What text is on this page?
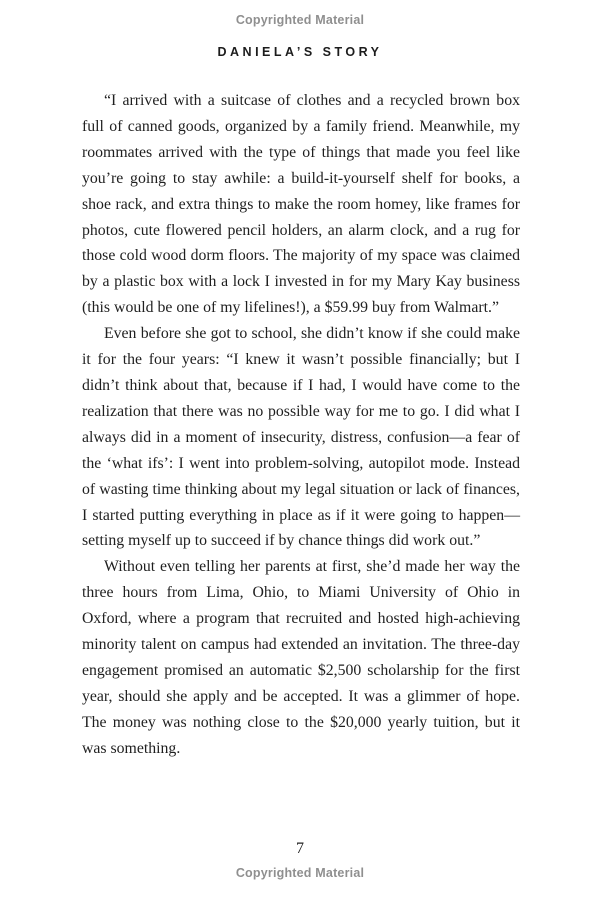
Copyrighted Material
DANIELA’S STORY

“I arrived with a suitcase of clothes and a recycled brown box full of canned goods, organized by a family friend. Meanwhile, my roommates arrived with the type of things that made you feel like you’re going to stay awhile: a build-it-yourself shelf for books, a shoe rack, and extra things to make the room homey, like frames for photos, cute flowered pencil holders, an alarm clock, and a rug for those cold wood dorm floors. The majority of my space was claimed by a plastic box with a lock I invested in for my Mary Kay business (this would be one of my lifelines!), a $59.99 buy from Walmart.”

Even before she got to school, she didn’t know if she could make it for the four years: “I knew it wasn’t possible financially; but I didn’t think about that, because if I had, I would have come to the realization that there was no possible way for me to go. I did what I always did in a moment of insecurity, distress, confusion—a fear of the ‘what ifs’: I went into problem-solving, autopilot mode. Instead of wasting time thinking about my legal situation or lack of finances, I started putting everything in place as if it were going to happen—setting myself up to succeed if by chance things did work out.”

Without even telling her parents at first, she’d made her way the three hours from Lima, Ohio, to Miami University of Ohio in Oxford, where a program that recruited and hosted high-achieving minority talent on campus had extended an invitation. The three-day engagement promised an automatic $2,500 scholarship for the first year, should she apply and be accepted. It was a glimmer of hope. The money was nothing close to the $20,000 yearly tuition, but it was something.

7
Copyrighted Material
